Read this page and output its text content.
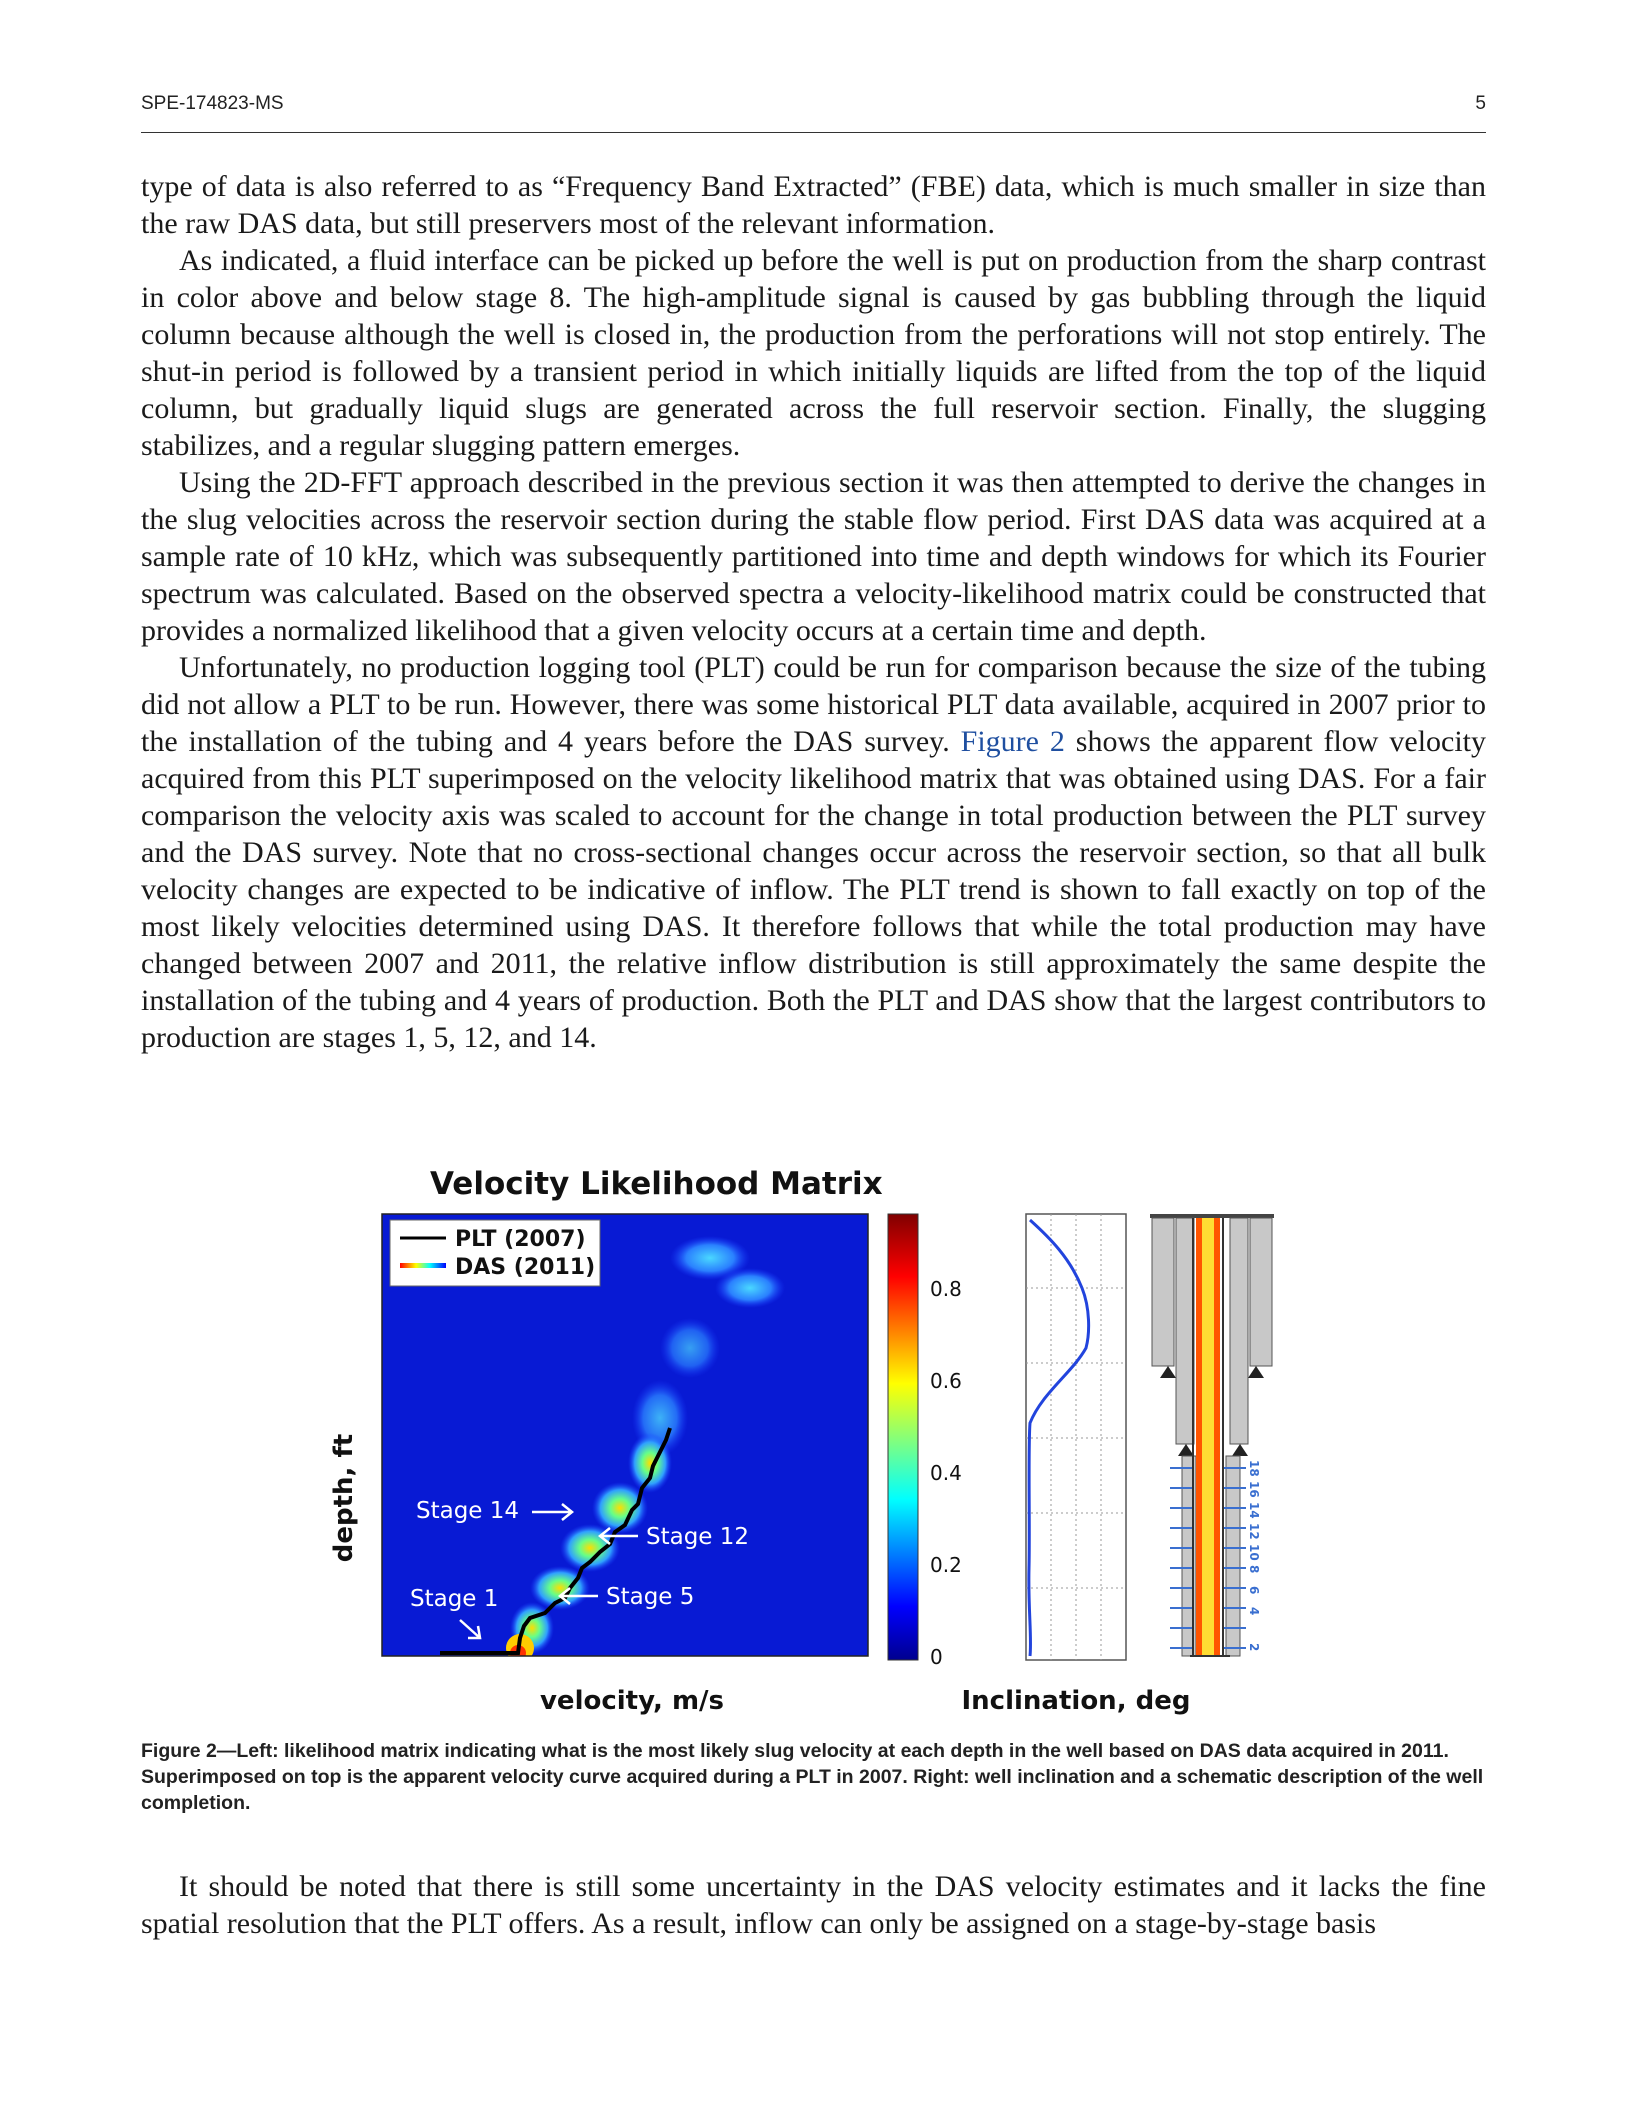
SPE-174823-MS	5

type of data is also referred to as “Frequency Band Extracted” (FBE) data, which is much smaller in size than the raw DAS data, but still preservers most of the relevant information.

As indicated, a fluid interface can be picked up before the well is put on production from the sharp contrast in color above and below stage 8. The high-amplitude signal is caused by gas bubbling through the liquid column because although the well is closed in, the production from the perforations will not stop entirely. The shut-in period is followed by a transient period in which initially liquids are lifted from the top of the liquid column, but gradually liquid slugs are generated across the full reservoir section. Finally, the slugging stabilizes, and a regular slugging pattern emerges.

Using the 2D-FFT approach described in the previous section it was then attempted to derive the changes in the slug velocities across the reservoir section during the stable flow period. First DAS data was acquired at a sample rate of 10 kHz, which was subsequently partitioned into time and depth windows for which its Fourier spectrum was calculated. Based on the observed spectra a velocity-likelihood matrix could be constructed that provides a normalized likelihood that a given velocity occurs at a certain time and depth.

Unfortunately, no production logging tool (PLT) could be run for comparison because the size of the tubing did not allow a PLT to be run. However, there was some historical PLT data available, acquired in 2007 prior to the installation of the tubing and 4 years before the DAS survey. Figure 2 shows the apparent flow velocity acquired from this PLT superimposed on the velocity likelihood matrix that was obtained using DAS. For a fair comparison the velocity axis was scaled to account for the change in total production between the PLT survey and the DAS survey. Note that no cross-sectional changes occur across the reservoir section, so that all bulk velocity changes are expected to be indicative of inflow. The PLT trend is shown to fall exactly on top of the most likely velocities determined using DAS. It therefore follows that while the total production may have changed between 2007 and 2011, the relative inflow distribution is still approximately the same despite the installation of the tubing and 4 years of production. Both the PLT and DAS show that the largest contributors to production are stages 1, 5, 12, and 14.

Velocity Likelihood Matrix
depth, ft
PLT (2007)
DAS (2011)
Stage 14
Stage 12
Stage 1	Stage 5
velocity, m/s
0.8
0.6
0.4
0.2
0
Inclination, deg
18
16
14
12
10
8
6
4
2
Figure 2—Left: likelihood matrix indicating what is the most likely slug velocity at each depth in the well based on DAS data acquired in 2011. Superimposed on top is the apparent velocity curve acquired during a PLT in 2007. Right: well inclination and a schematic description of the well completion.

It should be noted that there is still some uncertainty in the DAS velocity estimates and it lacks the fine spatial resolution that the PLT offers. As a result, inflow can only be assigned on a stage-by-stage basis
